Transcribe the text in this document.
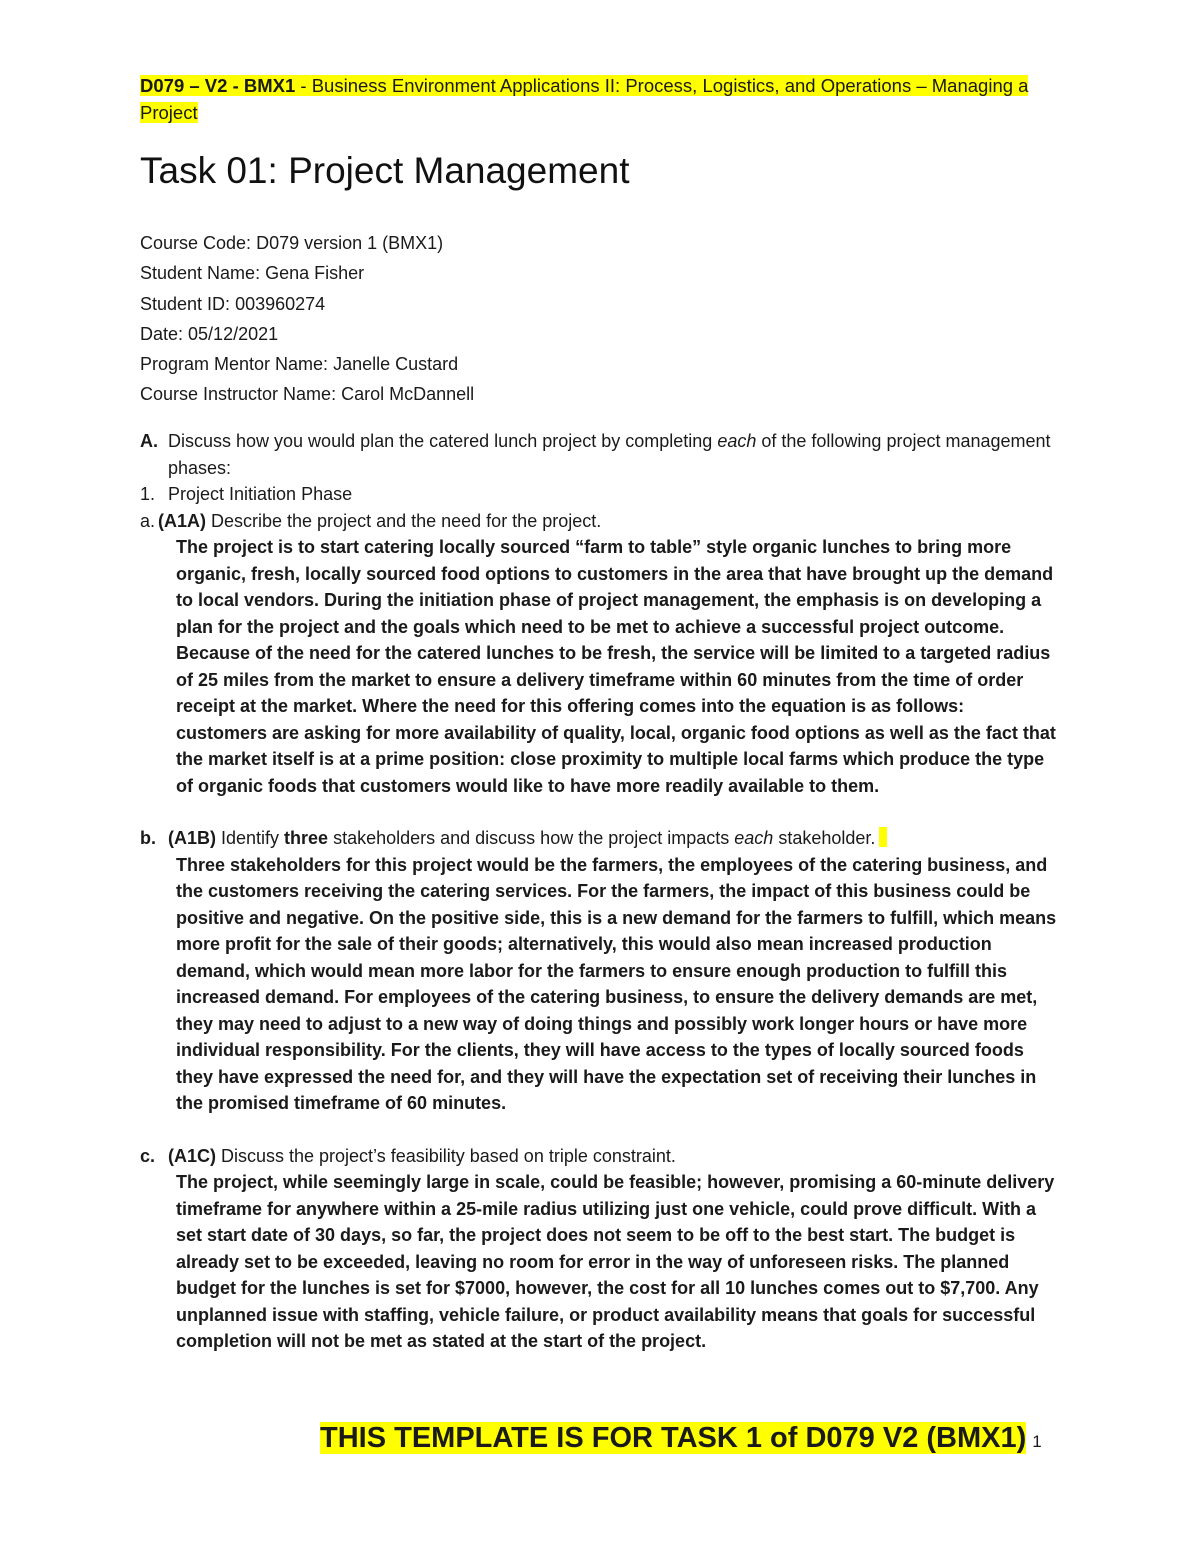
D079 – V2 - BMX1 - Business Environment Applications II: Process, Logistics, and Operations – Managing a Project
Task 01: Project Management
Course Code: D079 version 1 (BMX1)
Student Name: Gena Fisher
Student ID: 003960274
Date: 05/12/2021
Program Mentor Name: Janelle Custard
Course Instructor Name: Carol McDannell
A. Discuss how you would plan the catered lunch project by completing each of the following project management phases:
1. Project Initiation Phase
a. (A1A) Describe the project and the need for the project.
The project is to start catering locally sourced “farm to table” style organic lunches to bring more organic, fresh, locally sourced food options to customers in the area that have brought up the demand to local vendors. During the initiation phase of project management, the emphasis is on developing a plan for the project and the goals which need to be met to achieve a successful project outcome. Because of the need for the catered lunches to be fresh, the service will be limited to a targeted radius of 25 miles from the market to ensure a delivery timeframe within 60 minutes from the time of order receipt at the market. Where the need for this offering comes into the equation is as follows: customers are asking for more availability of quality, local, organic food options as well as the fact that the market itself is at a prime position: close proximity to multiple local farms which produce the type of organic foods that customers would like to have more readily available to them.
b. (A1B) Identify three stakeholders and discuss how the project impacts each stakeholder.
Three stakeholders for this project would be the farmers, the employees of the catering business, and the customers receiving the catering services. For the farmers, the impact of this business could be positive and negative. On the positive side, this is a new demand for the farmers to fulfill, which means more profit for the sale of their goods; alternatively, this would also mean increased production demand, which would mean more labor for the farmers to ensure enough production to fulfill this increased demand. For employees of the catering business, to ensure the delivery demands are met, they may need to adjust to a new way of doing things and possibly work longer hours or have more individual responsibility. For the clients, they will have access to the types of locally sourced foods they have expressed the need for, and they will have the expectation set of receiving their lunches in the promised timeframe of 60 minutes.
c. (A1C) Discuss the project’s feasibility based on triple constraint.
The project, while seemingly large in scale, could be feasible; however, promising a 60-minute delivery timeframe for anywhere within a 25-mile radius utilizing just one vehicle, could prove difficult. With a set start date of 30 days, so far, the project does not seem to be off to the best start. The budget is already set to be exceeded, leaving no room for error in the way of unforeseen risks. The planned budget for the lunches is set for $7000, however, the cost for all 10 lunches comes out to $7,700. Any unplanned issue with staffing, vehicle failure, or product availability means that goals for successful completion will not be met as stated at the start of the project.
THIS TEMPLATE IS FOR TASK 1 of D079 V2 (BMX1) 1
